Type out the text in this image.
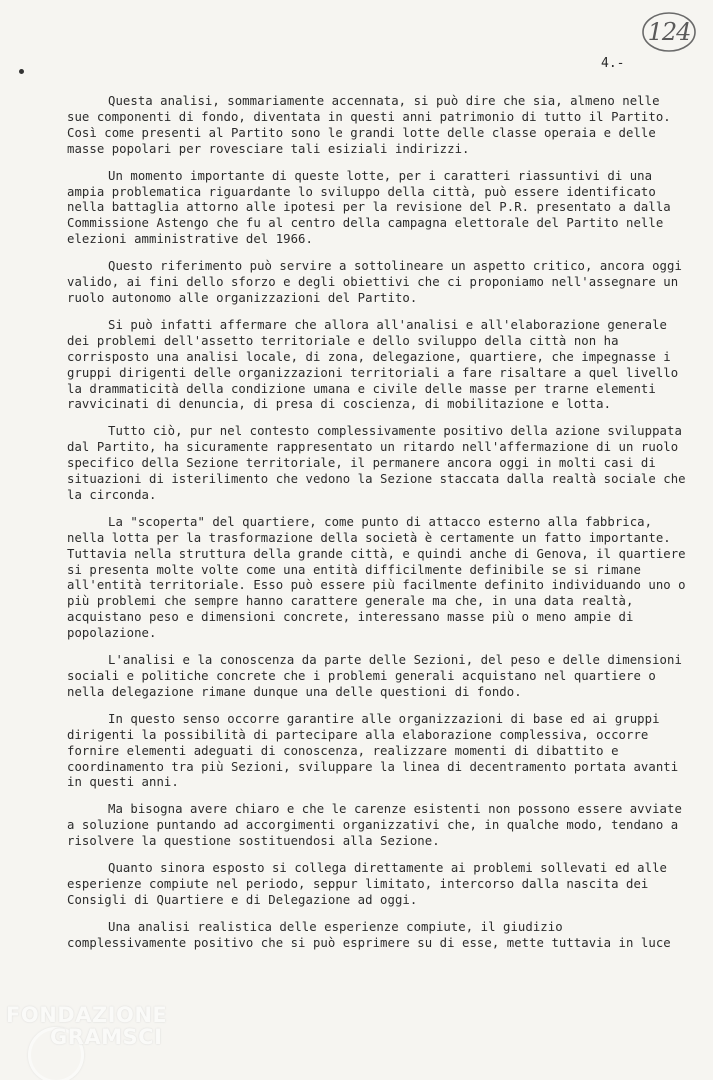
124
4.-

Questa analisi, sommariamente accennata, si può dire che sia, almeno nelle sue componenti di fondo, diventata in questi anni patrimonio di tutto il Partito. Così come presenti al Partito sono le grandi lotte delle classe operaia e delle masse popolari per rovesciare tali esiziali indirizzi.

Un momento importante di queste lotte, per i caratteri riassuntivi di una ampia problematica riguardante lo sviluppo della città, può essere identificato nella battaglia attorno alle ipotesi per la revisione del P.R. presentato a dalla Commissione Astengo che fu al centro della campagna elettorale del Partito nelle elezioni amministrative del 1966.

Questo riferimento può servire a sottolineare un aspetto critico, ancora oggi valido, ai fini dello sforzo e degli obiettivi che ci proponiamo nell'assegnare un ruolo autonomo alle organizzazioni del Partito.

Si può infatti affermare che allora all'analisi e all'elaborazione generale dei problemi dell'assetto territoriale e dello sviluppo della città non ha corrisposto una analisi locale, di zona, delegazione, quartiere, che impegnasse i gruppi dirigenti delle organizzazioni territoriali a fare risaltare a quel livello la drammaticità della condizione umana e civile delle masse per trarne elementi ravvicinati di denuncia, di presa di coscienza, di mobilitazione e lotta.

Tutto ciò, pur nel contesto complessivamente positivo della azione sviluppata dal Partito, ha sicuramente rappresentato un ritardo nell'affermazione di un ruolo specifico della Sezione territoriale, il permanere ancora oggi in molti casi di situazioni di isterilimento che vedono la Sezione staccata dalla realtà sociale che la circonda.

La "scoperta" del quartiere, come punto di attacco esterno alla fabbrica, nella lotta per la trasformazione della società è certamente un fatto importante. Tuttavia nella struttura della grande città, e quindi anche di Genova, il quartiere si presenta molte volte come una entità difficilmente definibile se si rimane all'entità territoriale. Esso può essere più facilmente definito individuando uno o più problemi che sempre hanno carattere generale ma che, in una data realtà, acquistano peso e dimensioni concrete, interessano masse più o meno ampie di popolazione.

L'analisi e la conoscenza da parte delle Sezioni, del peso e delle dimensioni sociali e politiche concrete che i problemi generali acquistano nel quartiere o nella delegazione rimane dunque una delle questioni di fondo.

In questo senso occorre garantire alle organizzazioni di base ed ai gruppi dirigenti la possibilità di partecipare alla elaborazione complessiva, occorre fornire elementi adeguati di conoscenza, realizzare momenti di dibattito e coordinamento tra più Sezioni, sviluppare la linea di decentramento portata avanti in questi anni.

Ma bisogna avere chiaro e che le carenze esistenti non possono essere avviate a soluzione puntando ad accorgimenti organizzativi che, in qualche modo, tendano a risolvere la questione sostituendosi alla Sezione.

Quanto sinora esposto si collega direttamente ai problemi sollevati ed alle esperienze compiute nel periodo, seppur limitato, intercorso dalla nascita dei Consigli di Quartiere e di Delegazione ad oggi.

Una analisi realistica delle esperienze compiute, il giudizio complessivamente positivo che si può esprimere su di esse, mette tuttavia in luce

FONDAZIONE
GRAMSCI
